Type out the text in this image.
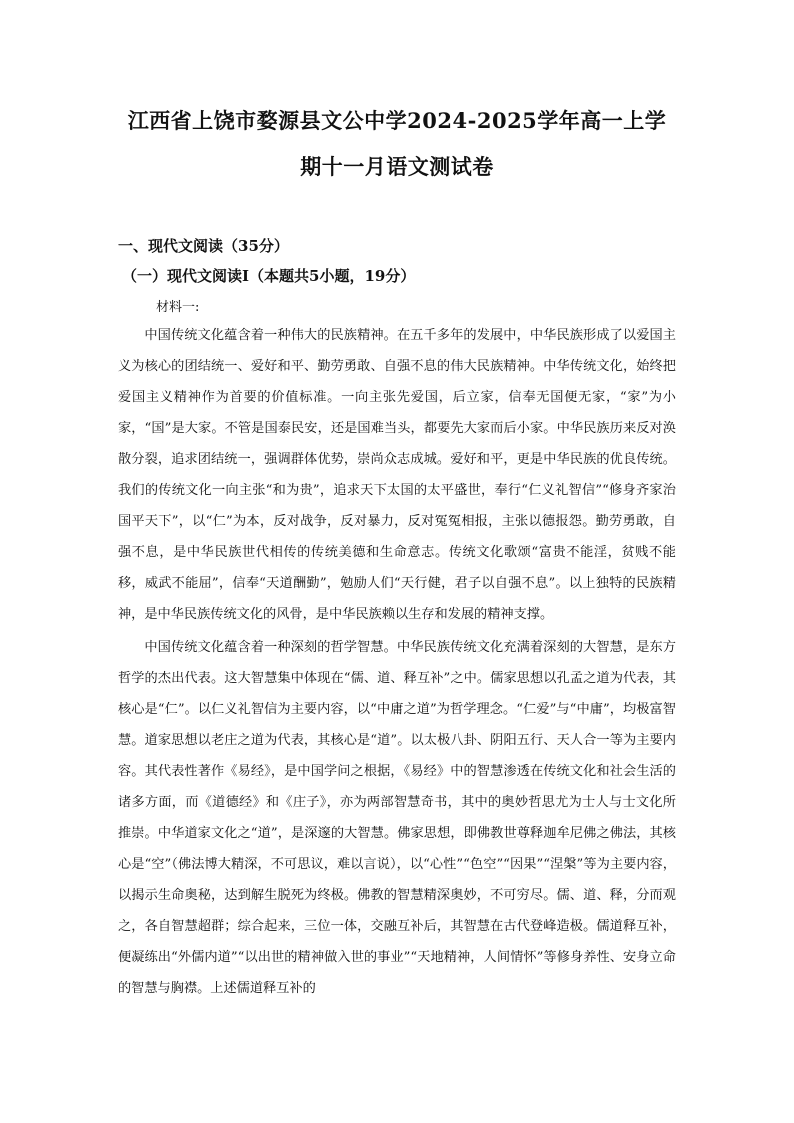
江西省上饶市婺源县文公中学2024-2025学年高一上学期十一月语文测试卷
一、现代文阅读（35分）
（一）现代文阅读Ⅰ（本题共5小题，19分）
材料一:

中国传统文化蕴含着一种伟大的民族精神。在五千多年的发展中，中华民族形成了以爱国主义为核心的团结统一、爱好和平、勤劳勇敢、自强不息的伟大民族精神。中华传统文化，始终把爱国主义精神作为首要的价值标准。一向主张先爱国，后立家，信奉无国便无家，“家”为小家，“国”是大家。不管是国泰民安，还是国难当头，都要先大家而后小家。中华民族历来反对涣散分裂，追求团结统一，强调群体优势，崇尚众志成城。爱好和平，更是中华民族的优良传统。我们的传统文化一向主张“和为贵”，追求天下太国的太平盛世，奉行“仁义礼智信”“修身齐家治国平天下”，以“仁”为本，反对战争，反对暴力，反对冤冤相报，主张以德报怨。勤劳勇敢，自强不息，是中华民族世代相传的传统美德和生命意志。传统文化歌颂“富贵不能淫，贫贱不能移，威武不能屈”，信奉“天道酬勤”，勉励人们“天行健，君子以自强不息”。以上独特的民族精神，是中华民族传统文化的风骨，是中华民族赖以生存和发展的精神支撑。

中国传统文化蕴含着一种深刻的哲学智慧。中华民族传统文化充满着深刻的大智慧，是东方哲学的杰出代表。这大智慧集中体现在“儒、道、释互补”之中。儒家思想以孔孟之道为代表，其核心是“仁”。以仁义礼智信为主要内容，以“中庸之道”为哲学理念。“仁爱”与“中庸”，均极富智慧。道家思想以老庄之道为代表，其核心是“道”。以太极八卦、阴阳五行、天人合一等为主要内容。其代表性著作《易经》，是中国学问之根据，《易经》中的智慧渗透在传统文化和社会生活的诸多方面，而《道德经》和《庄子》，亦为两部智慧奇书，其中的奥妙哲思尤为士人与士文化所推崇。中华道家文化之“道”，是深邃的大智慧。佛家思想，即佛教世尊释迦牟尼佛之佛法，其核心是“空”（佛法博大精深，不可思议，难以言说），以“心性”“色空”“因果”“涅槃”等为主要内容，以揭示生命奥秘，达到解生脱死为终极。佛教的智慧精深奥妙，不可穷尽。儒、道、释，分而观之，各自智慧超群；综合起来，三位一体，交融互补后，其智慧在古代登峰造极。儒道释互补，便凝练出“外儒内道”“以出世的精神做入世的事业”“天地精神，人间情怀”等修身养性、安身立命的智慧与胸襟。上述儒道释互补的
